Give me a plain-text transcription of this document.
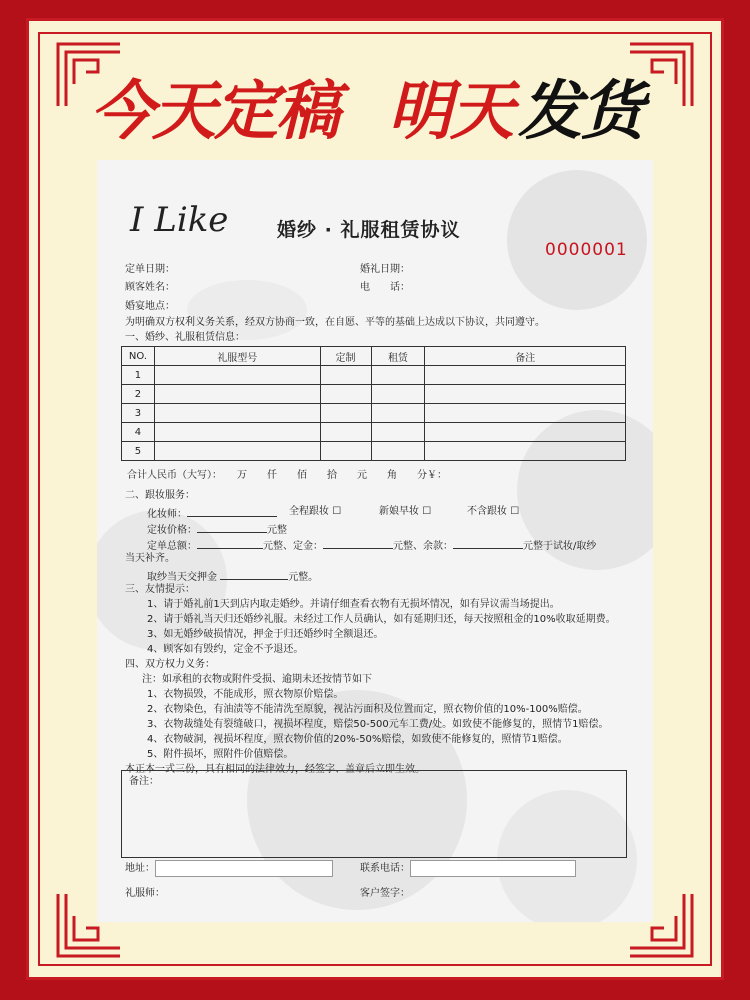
今天定稿 明天 发货
I Like	婚纱 · 礼服租赁协议
0000001
定单日期：	婚礼日期：
顾客姓名：	电　　话：
婚宴地点：
为明确双方权利义务关系，经双方协商一致，在自愿、平等的基础上达成以下协议，共同遵守。
一、婚纱、礼服租赁信息：
NO.	礼服型号	定制	租赁	备注
1				
2				
3				
4				
5				
合计人民币（大写）：　　万　　仟　　佰　　拾　　元　　角　　分￥：
二、跟妆服务：
化妆师：	全程跟妆 ☐	新娘早妆 ☐	不含跟妆 ☐
定妆价格：	元整
定单总额：	元整、定金：	元整、余款：	元整于试妆/取纱
当天补齐。
取纱当天交押金	元整。
三、友情提示：
1、请于婚礼前1天到店内取走婚纱。并请仔细查看衣物有无损坏情况，如有异议需当场提出。
2、请于婚礼当天归还婚纱礼服。未经过工作人员确认，如有延期归还，每天按照租金的10%收取延期费。
3、如无婚纱破损情况，押金于归还婚纱时全额退还。
4、顾客如有毁约，定金不予退还。
四、双方权力义务：
注：如承租的衣物或附件受损、逾期未还按情节如下
1、衣物损毁，不能成形，照衣物原价赔偿。
2、衣物染色，有油渍等不能清洗至原貌，视沾污面积及位置而定，照衣物价值的10%-100%赔偿。
3、衣物裁缝处有裂缝破口，视损坏程度，赔偿50-500元车工费/处。如致使不能修复的，照情节1赔偿。
4、衣物破洞，视损坏程度，照衣物价值的20%-50%赔偿，如致使不能修复的，照情节1赔偿。
5、附件损坏，照附件价值赔偿。
本正本一式三份，具有相同的法律效力，经签字、盖章后立即生效。
备注：
地址：	联系电话：
礼服师：	客户签字：
